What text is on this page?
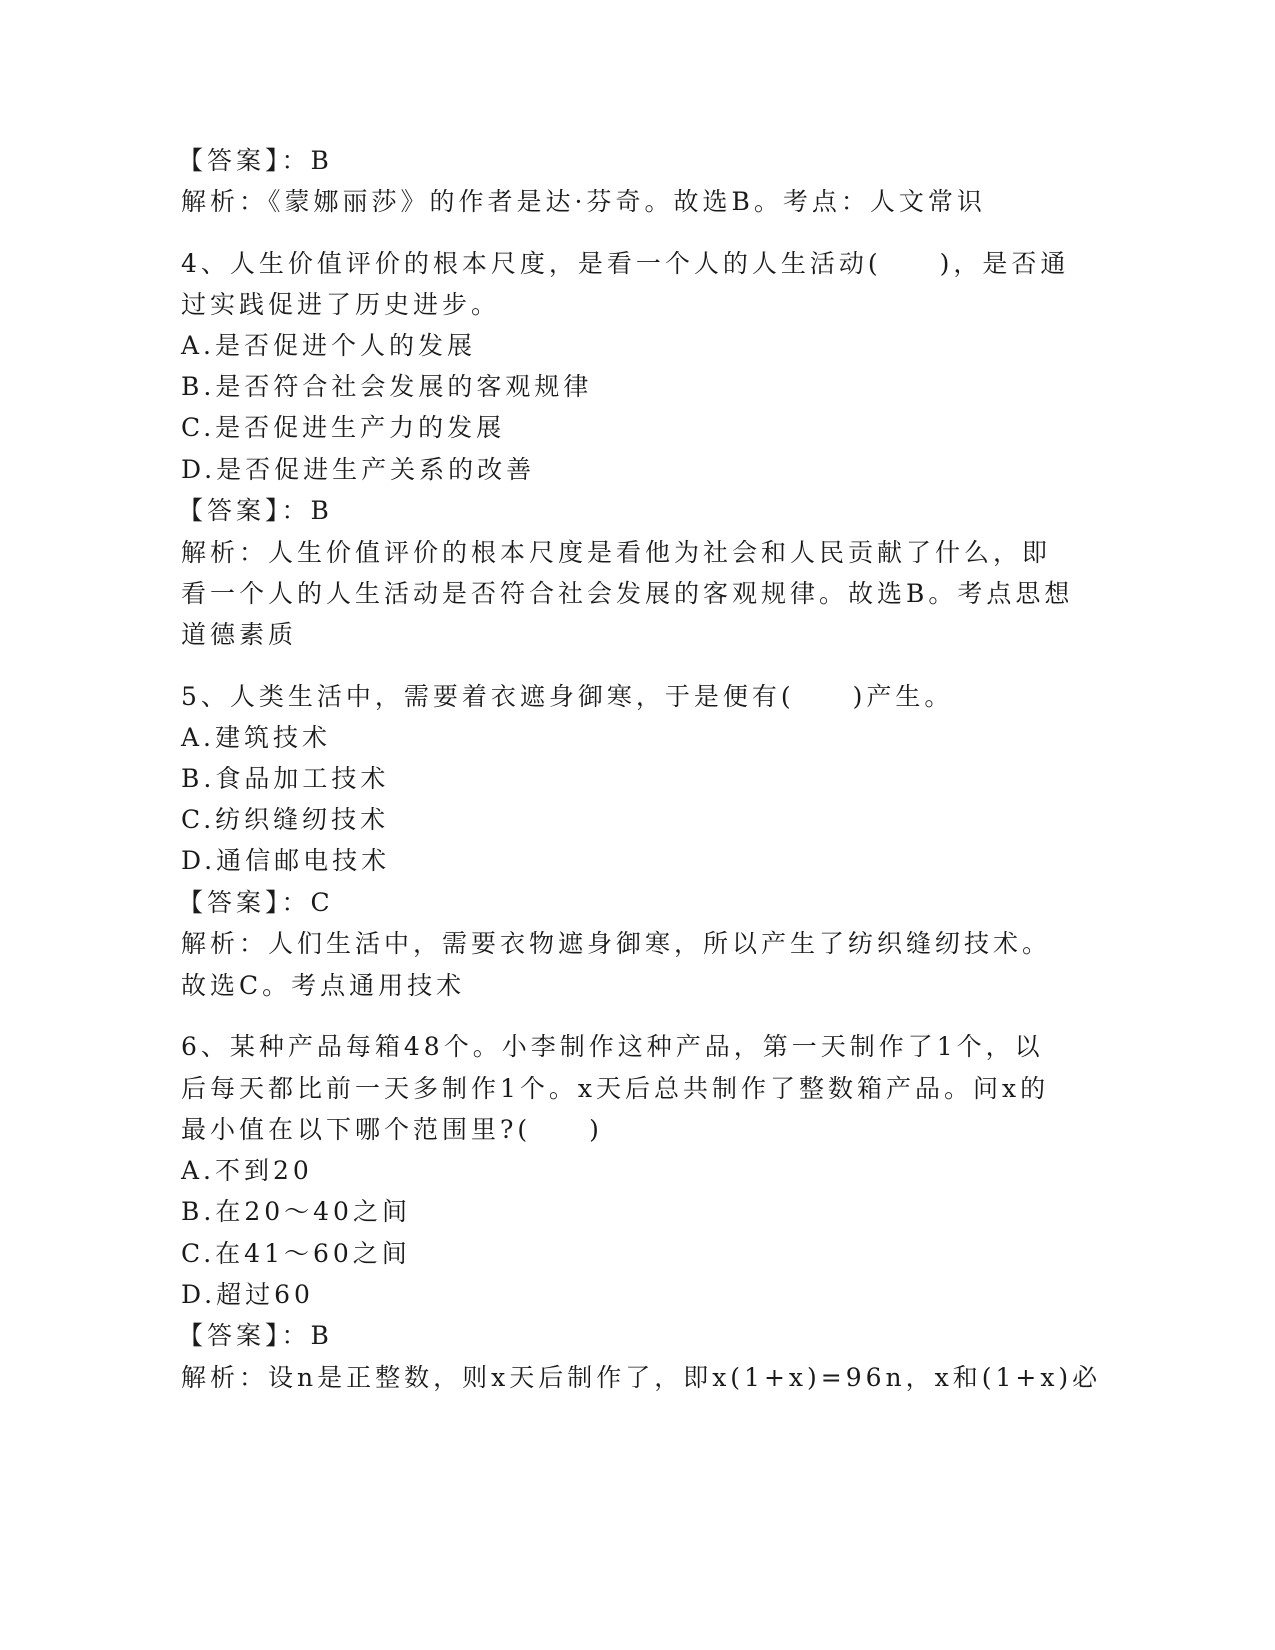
【答案】：B
解析：《蒙娜丽莎》的作者是达·芬奇。故选B。考点：人文常识
4、人生价值评价的根本尺度，是看一个人的人生活动(　　)，是否通
过实践促进了历史进步。
A.是否促进个人的发展
B.是否符合社会发展的客观规律
C.是否促进生产力的发展
D.是否促进生产关系的改善
【答案】：B
解析：人生价值评价的根本尺度是看他为社会和人民贡献了什么，即
看一个人的人生活动是否符合社会发展的客观规律。故选B。考点思想
道德素质
5、人类生活中，需要着衣遮身御寒，于是便有(　　)产生。
A.建筑技术
B.食品加工技术
C.纺织缝纫技术
D.通信邮电技术
【答案】：C
解析：人们生活中，需要衣物遮身御寒，所以产生了纺织缝纫技术。
故选C。考点通用技术
6、某种产品每箱48个。小李制作这种产品，第一天制作了1个，以
后每天都比前一天多制作1个。x天后总共制作了整数箱产品。问x的
最小值在以下哪个范围里?(　　)
A.不到20
B.在20～40之间
C.在41～60之间
D.超过60
【答案】：B
解析：设n是正整数，则x天后制作了，即x(1+x)=96n，x和(1+x)必
